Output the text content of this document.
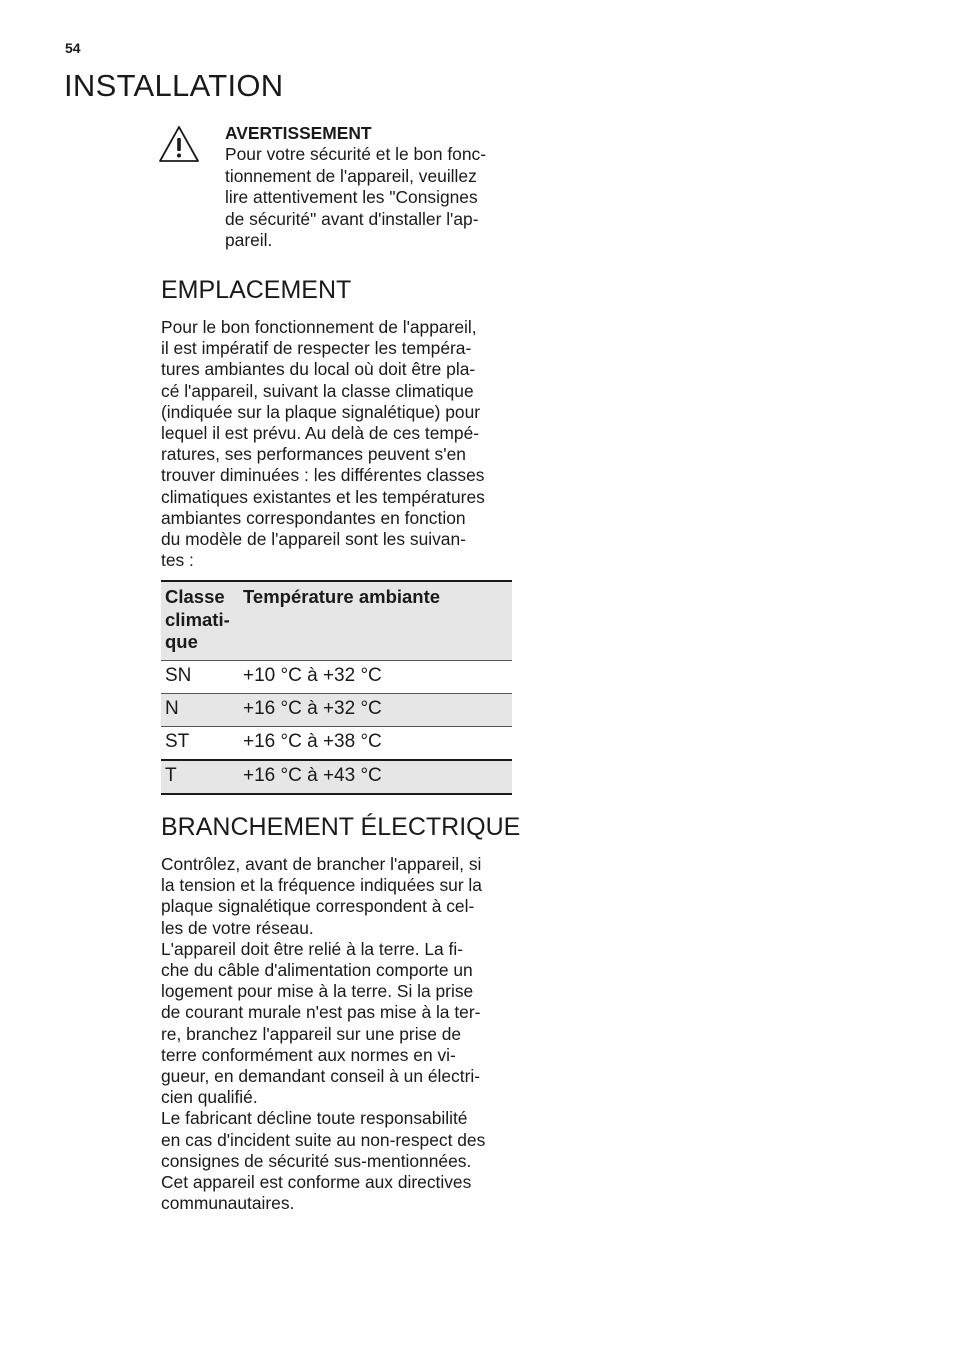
54
INSTALLATION
AVERTISSEMENT
Pour votre sécurité et le bon fonc-
tionnement de l'appareil, veuillez
lire attentivement les "Consignes
de sécurité" avant d'installer l'ap-
pareil.
EMPLACEMENT
Pour le bon fonctionnement de l'appareil,
il est impératif de respecter les tempéra-
tures ambiantes du local où doit être pla-
cé l'appareil, suivant la classe climatique
(indiquée sur la plaque signalétique) pour
lequel il est prévu. Au delà de ces tempé-
ratures, ses performances peuvent s'en
trouver diminuées : les différentes classes
climatiques existantes et les températures
ambiantes correspondantes en fonction
du modèle de l'appareil sont les suivan-
tes :
Classe climati- que	Température ambiante
SN	+10 °C à +32 °C
N	+16 °C à +32 °C
ST	+16 °C à +38 °C
T	+16 °C à +43 °C
BRANCHEMENT ÉLECTRIQUE
Contrôlez, avant de brancher l'appareil, si
la tension et la fréquence indiquées sur la
plaque signalétique correspondent à cel-
les de votre réseau.
L'appareil doit être relié à la terre. La fi-
che du câble d'alimentation comporte un
logement pour mise à la terre. Si la prise
de courant murale n'est pas mise à la ter-
re, branchez l'appareil sur une prise de
terre conformément aux normes en vi-
gueur, en demandant conseil à un électri-
cien qualifié.
Le fabricant décline toute responsabilité
en cas d'incident suite au non-respect des
consignes de sécurité sus-mentionnées.
Cet appareil est conforme aux directives
communautaires.
